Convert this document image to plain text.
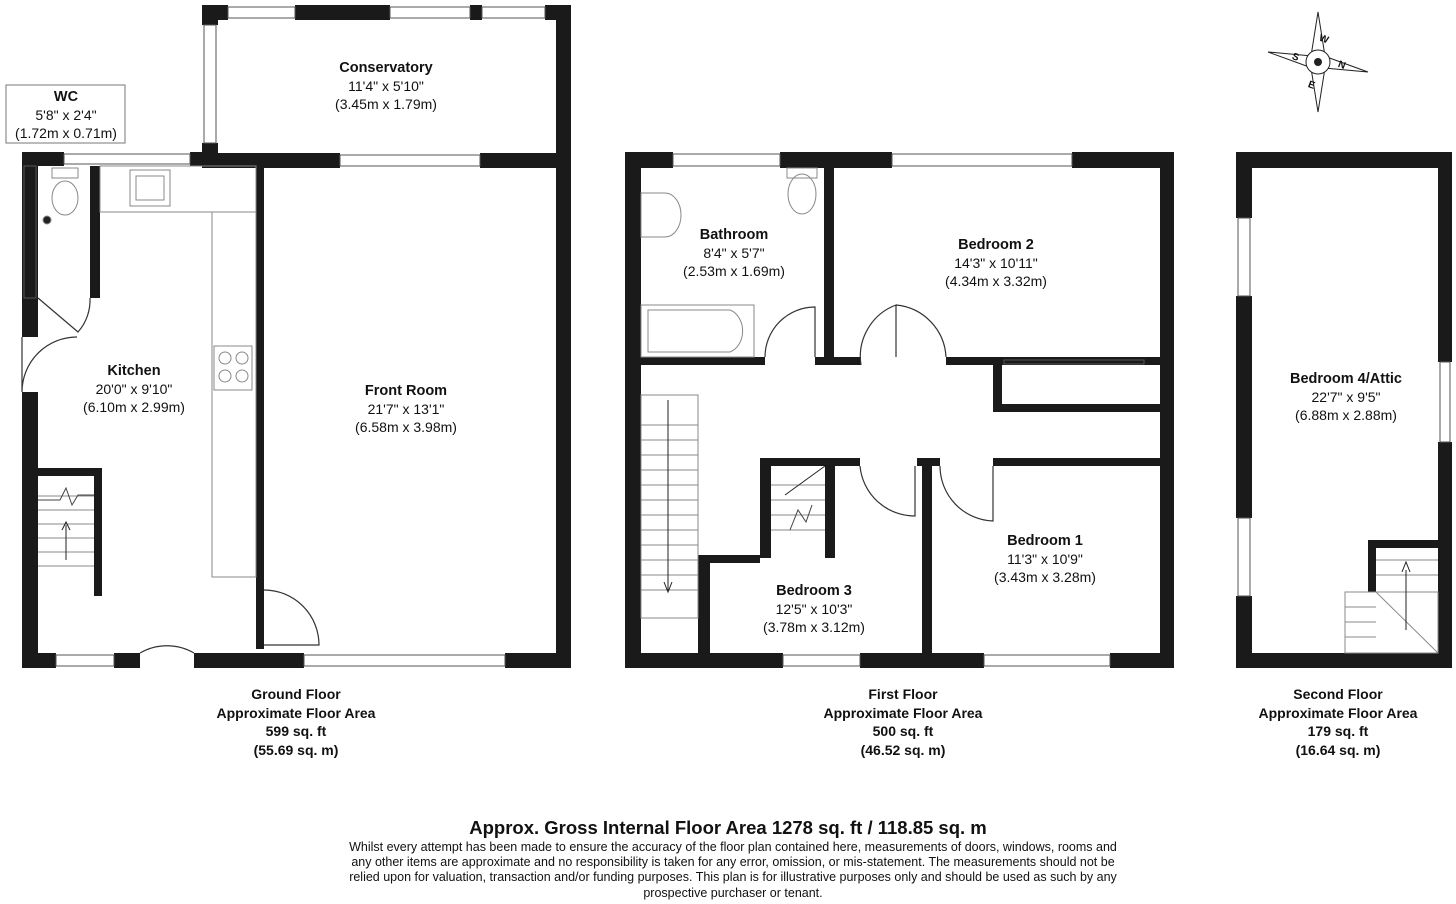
W
N
S
E
WC
5'8" x 2'4"
(1.72m x 0.71m)
Conservatory
11'4" x 5'10"
(3.45m x 1.79m)
Kitchen
20'0" x 9'10"
(6.10m x 2.99m)
Front Room
21'7" x 13'1"
(6.58m x 3.98m)
Bathroom
8'4" x 5'7"
(2.53m x 1.69m)
Bedroom 2
14'3" x 10'11"
(4.34m x 3.32m)
Bedroom 1
11'3" x 10'9"
(3.43m x 3.28m)
Bedroom 3
12'5" x 10'3"
(3.78m x 3.12m)
Bedroom 4/Attic
22'7" x 9'5"
(6.88m x 2.88m)
Ground Floor
Approximate Floor Area
599 sq. ft
(55.69 sq. m)
First Floor
Approximate Floor Area
500 sq. ft
(46.52 sq. m)
Second Floor
Approximate Floor Area
179 sq. ft
(16.64 sq. m)
Approx. Gross Internal Floor Area 1278 sq. ft / 118.85 sq. m
Whilst every attempt has been made to ensure the accuracy of the floor plan contained here, measurements of doors, windows, rooms and any other items are approximate and no responsibility is taken for any error, omission, or mis-statement. The measurements should not be relied upon for valuation, transaction and/or funding purposes. This plan is for illustrative purposes only and should be used as such by any prospective purchaser or tenant.
